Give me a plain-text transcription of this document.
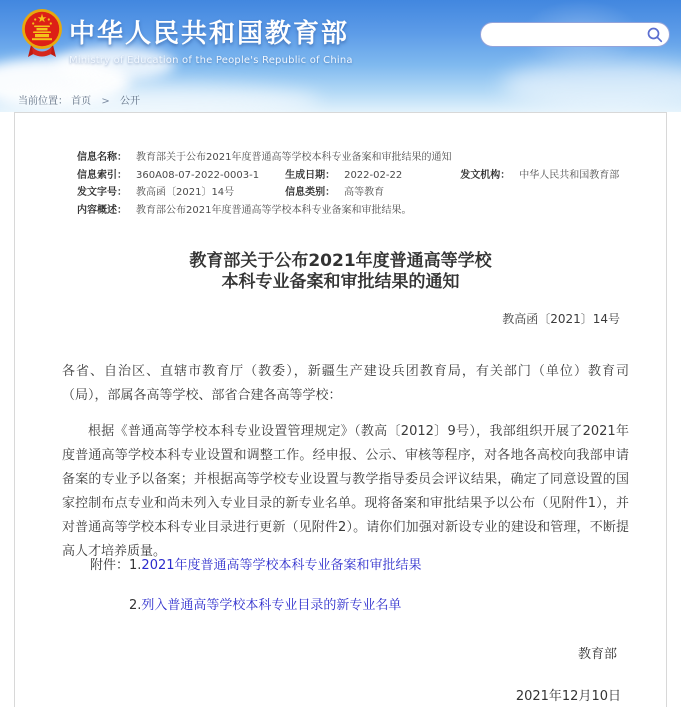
中华人民共和国教育部
Ministry of Education of the People's Republic of China
当前位置： 首页 > 公开
信息名称：	教育部关于公布2021年度普通高等学校本科专业备案和审批结果的通知				
信息索引：	360A08-07-2022-0003-1	生成日期：	2022-02-22	发文机构：	中华人民共和国教育部
发文字号：	教高函〔2021〕14号	信息类别：	高等教育		
内容概述：	教育部公布2021年度普通高等学校本科专业备案和审批结果。				
教育部关于公布2021年度普通高等学校
本科专业备案和审批结果的通知
教高函〔2021〕14号
各省、自治区、直辖市教育厅（教委），新疆生产建设兵团教育局，有关部门（单位）教育司（局），部属各高等学校、部省合建各高等学校：
根据《普通高等学校本科专业设置管理规定》（教高〔2012〕9号），我部组织开展了2021年度普通高等学校本科专业设置和调整工作。经申报、公示、审核等程序，对各地各高校向我部申请备案的专业予以备案；并根据高等学校专业设置与教学指导委员会评议结果，确定了同意设置的国家控制布点专业和尚未列入专业目录的新专业名单。现将备案和审批结果予以公布（见附件1），并对普通高等学校本科专业目录进行更新（见附件2）。请你们加强对新设专业的建设和管理，不断提高人才培养质量。
附件：1.2021年度普通高等学校本科专业备案和审批结果
2.列入普通高等学校本科专业目录的新专业名单
教育部
2021年12月10日
